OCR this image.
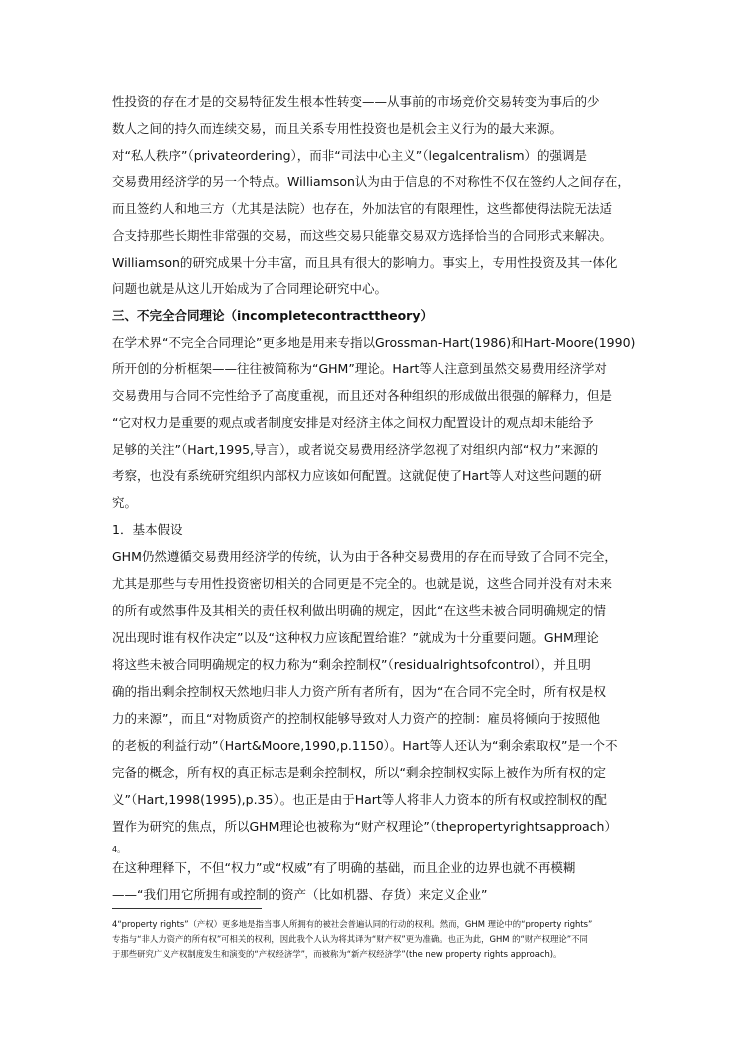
性投资的存在才是的交易特征发生根本性转变——从事前的市场竞价交易转变为事后的少
数人之间的持久而连续交易，而且关系专用性投资也是机会主义行为的最大来源。
对“私人秩序”（privateordering），而非“司法中心主义”（legalcentralism）的强调是
交易费用经济学的另一个特点。Williamson认为由于信息的不对称性不仅在签约人之间存在，
而且签约人和地三方（尤其是法院）也存在，外加法官的有限理性，这些都使得法院无法适
合支持那些长期性非常强的交易，而这些交易只能靠交易双方选择恰当的合同形式来解决。
Williamson的研究成果十分丰富，而且具有很大的影响力。事实上，专用性投资及其一体化
问题也就是从这儿开始成为了合同理论研究中心。
三、不完全合同理论（incompletecontracttheory）
在学术界“不完全合同理论”更多地是用来专指以Grossman-Hart(1986)和Hart-Moore(1990)
所开创的分析框架——往往被简称为“GHM”理论。Hart等人注意到虽然交易费用经济学对
交易费用与合同不完性给予了高度重视，而且还对各种组织的形成做出很强的解释力，但是
“它对权力是重要的观点或者制度安排是对经济主体之间权力配置设计的观点却未能给予
足够的关注”（Hart,1995,导言），或者说交易费用经济学忽视了对组织内部“权力”来源的
考察，也没有系统研究组织内部权力应该如何配置。这就促使了Hart等人对这些问题的研
究。
1．基本假设
GHM仍然遵循交易费用经济学的传统，认为由于各种交易费用的存在而导致了合同不完全，
尤其是那些与专用性投资密切相关的合同更是不完全的。也就是说，这些合同并没有对未来
的所有或然事件及其相关的责任权利做出明确的规定，因此“在这些未被合同明确规定的情
况出现时谁有权作决定”以及“这种权力应该配置给谁？”就成为十分重要问题。GHM理论
将这些未被合同明确规定的权力称为“剩余控制权”（residualrightsofcontrol），并且明
确的指出剩余控制权天然地归非人力资产所有者所有，因为“在合同不完全时，所有权是权
力的来源”，而且“对物质资产的控制权能够导致对人力资产的控制：雇员将倾向于按照他
的老板的利益行动”（Hart&Moore,1990,p.1150）。Hart等人还认为“剩余索取权”是一个不
完备的概念，所有权的真正标志是剩余控制权，所以“剩余控制权实际上被作为所有权的定
义”（Hart,1998(1995),p.35）。也正是由于Hart等人将非人力资本的所有权或控制权的配
置作为研究的焦点，所以GHM理论也被称为“财产权理论”（thepropertyrightsapproach）
4。
在这种理释下，不但“权力”或“权威”有了明确的基础，而且企业的边界也就不再模糊
——“我们用它所拥有或控制的资产（比如机器、存货）来定义企业”
4“property rights”（产权）更多地是指当事人所拥有的被社会普遍认同的行动的权利。然而，GHM 理论中的“property rights”
专指与“非人力资产的所有权”可相关的权利，因此我个人认为将其译为“财产权”更为准确。也正为此，GHM 的“财产权理论”不同
于那些研究广义产权制度发生和演变的“产权经济学”，而被称为“新产权经济学”(the new property rights approach)。
